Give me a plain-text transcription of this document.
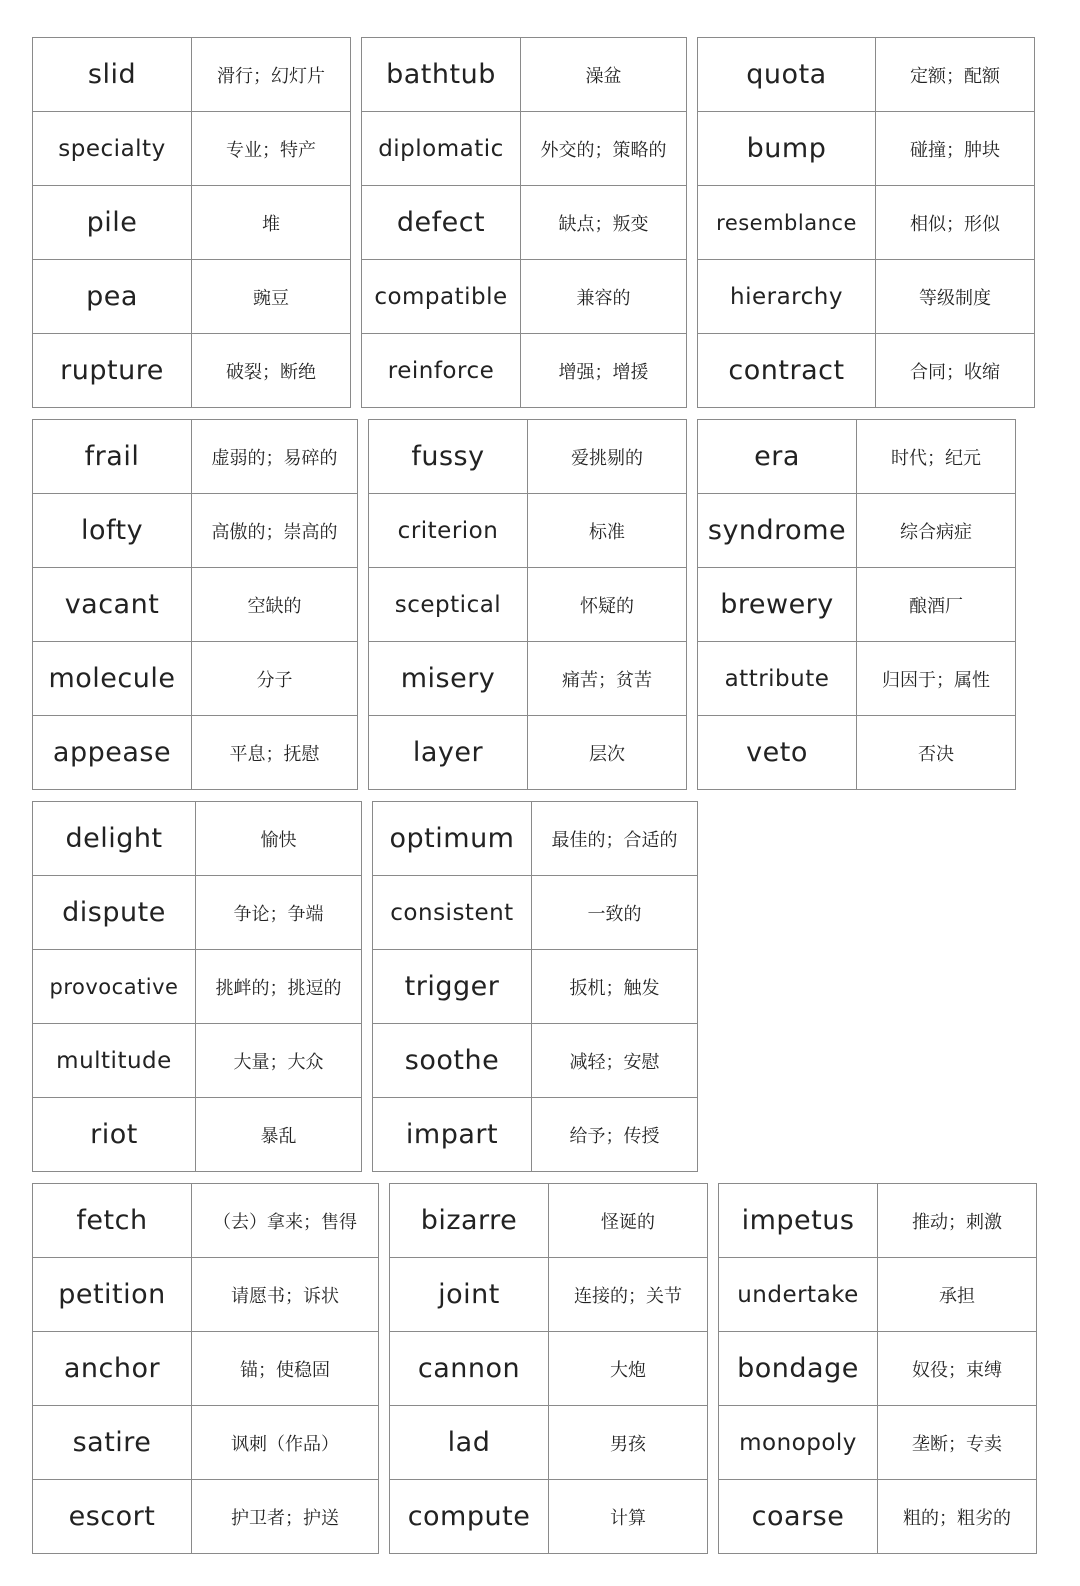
slid	滑行；幻灯片
specialty	专业；特产
pile	堆
pea	豌豆
rupture	破裂；断绝
bathtub	澡盆
diplomatic	外交的；策略的
defect	缺点；叛变
compatible	兼容的
reinforce	增强；增援
quota	定额；配额
bump	碰撞；肿块
resemblance	相似；形似
hierarchy	等级制度
contract	合同；收缩
frail	虚弱的；易碎的
lofty	高傲的；崇高的
vacant	空缺的
molecule	分子
appease	平息；抚慰
fussy	爱挑剔的
criterion	标准
sceptical	怀疑的
misery	痛苦；贫苦
layer	层次
era	时代；纪元
syndrome	综合病症
brewery	酿酒厂
attribute	归因于；属性
veto	否决
delight	愉快
dispute	争论；争端
provocative	挑衅的；挑逗的
multitude	大量；大众
riot	暴乱
optimum	最佳的；合适的
consistent	一致的
trigger	扳机；触发
soothe	减轻；安慰
impart	给予；传授
fetch	（去）拿来；售得
petition	请愿书；诉状
anchor	锚；使稳固
satire	讽刺（作品）
escort	护卫者；护送
bizarre	怪诞的
joint	连接的；关节
cannon	大炮
lad	男孩
compute	计算
impetus	推动；刺激
undertake	承担
bondage	奴役；束缚
monopoly	垄断；专卖
coarse	粗的；粗劣的
